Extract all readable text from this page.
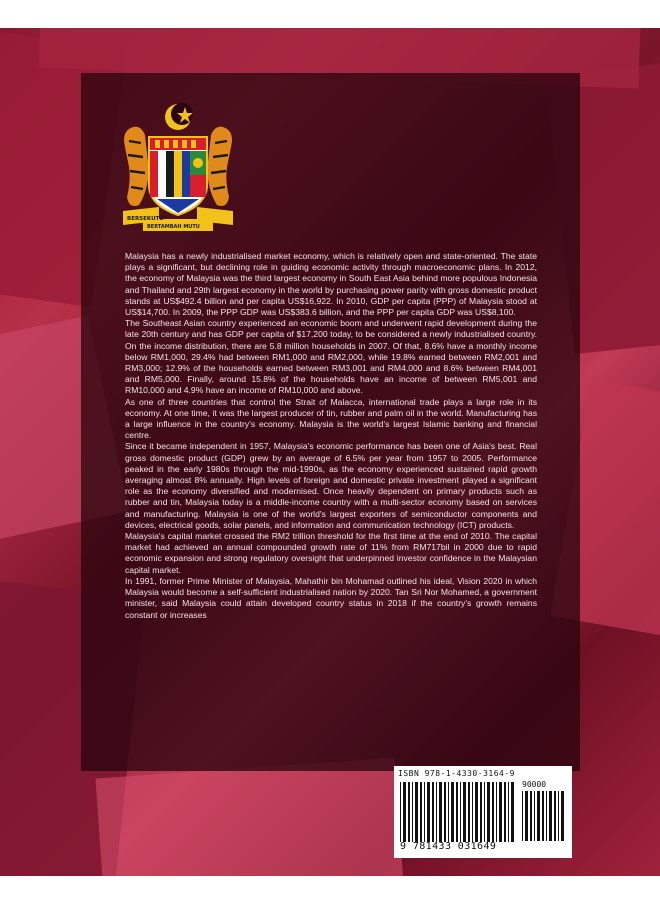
BERSEKUTU
BERTAMBAH MUTU

Malaysia has a newly industrialised market economy, which is relatively open and state-oriented. The state plays a significant, but declining role in guiding economic activity through macroeconomic plans. In 2012, the economy of Malaysia was the third largest economy in South East Asia behind more populous Indonesia and Thailand and 29th largest economy in the world by purchasing power parity with gross domestic product stands at US$492.4 billion and per capita US$16,922. In 2010, GDP per capita (PPP) of Malaysia stood at US$14,700. In 2009, the PPP GDP was US$383.6 billion, and the PPP per capita GDP was US$8,100.

The Southeast Asian country experienced an economic boom and underwent rapid development during the late 20th century and has GDP per capita of $17,200 today, to be considered a newly industrialised country. On the income distribution, there are 5.8 million households in 2007. Of that, 8.6% have a monthly income below RM1,000, 29.4% had between RM1,000 and RM2,000, while 19.8% earned between RM2,001 and RM3,000; 12.9% of the households earned between RM3,001 and RM4,000 and 8.6% between RM4,001 and RM5,000. Finally, around 15.8% of the households have an income of between RM5,001 and RM10,000 and 4.9% have an income of RM10,000 and above.

As one of three countries that control the Strait of Malacca, international trade plays a large role in its economy. At one time, it was the largest producer of tin, rubber and palm oil in the world. Manufacturing has a large influence in the country's economy. Malaysia is the world's largest Islamic banking and financial centre.

Since it became independent in 1957, Malaysia's economic performance has been one of Asia's best. Real gross domestic product (GDP) grew by an average of 6.5% per year from 1957 to 2005. Performance peaked in the early 1980s through the mid-1990s, as the economy experienced sustained rapid growth averaging almost 8% annually. High levels of foreign and domestic private investment played a significant role as the economy diversified and modernised. Once heavily dependent on primary products such as rubber and tin, Malaysia today is a middle-income country with a multi-sector economy based on services and manufacturing. Malaysia is one of the world's largest exporters of semiconductor components and devices, electrical goods, solar panels, and information and communication technology (ICT) products.

Malaysia's capital market crossed the RM2 trillion threshold for the first time at the end of 2010. The capital market had achieved an annual compounded growth rate of 11% from RM717bil in 2000 due to rapid economic expansion and strong regulatory oversight that underpinned investor confidence in the Malaysian capital market.

In 1991, former Prime Minister of Malaysia, Mahathir bin Mohamad outlined his ideal, Vision 2020 in which Malaysia would become a self-sufficient industrialised nation by 2020. Tan Sri Nor Mohamed, a government minister, said Malaysia could attain developed country status in 2018 if the country's growth remains constant or increases

ISBN 978-1-4330-3164-9
90000
9 781433 031649
